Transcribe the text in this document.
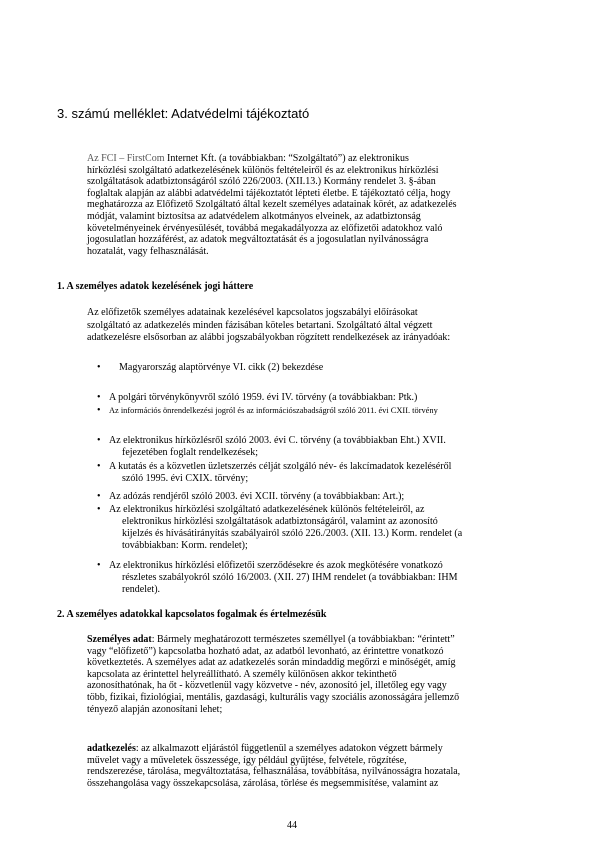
3. számú melléklet: Adatvédelmi tájékoztató
Az FCI – FirstCom Internet Kft. (a továbbiakban: “Szolgáltató”) az elektronikus
hírközlési szolgáltató adatkezelésének különös feltételeiről és az elektronikus hírközlési
szolgáltatások adatbiztonságáról szóló 226/2003. (XII.13.) Kormány rendelet 3. §-ában
foglaltak alapján az alábbi adatvédelmi tájékoztatót lépteti életbe. E tájékoztató célja, hogy
meghatározza az Előfizető Szolgáltató által kezelt személyes adatainak körét, az adatkezelés
módját, valamint biztosítsa az adatvédelem alkotmányos elveinek, az adatbiztonság
követelményeinek érvényesülését, továbbá megakadályozza az előfizetői adatokhoz való
jogosulatlan hozzáférést, az adatok megváltoztatását és a jogosulatlan nyilvánosságra
hozatalát, vagy felhasználását.
1. A személyes adatok kezelésének jogi háttere
Az előfizetők személyes adatainak kezelésével kapcsolatos jogszabályi előírásokat
szolgáltató az adatkezelés minden fázisában köteles betartani. Szolgáltató által végzett
adatkezelésre elsősorban az alábbi jogszabályokban rögzített rendelkezések az irányadóak:
•	Magyarország alaptörvénye VI. cikk (2) bekezdése
• A polgári törvénykönyvről szóló 1959. évi IV. törvény (a továbbiakban: Ptk.)
•	Az információs önrendelkezési jogról és az információszabadságról szóló 2011. évi CXII. törvény
• Az elektronikus hírközlésről szóló 2003. évi C. törvény (a továbbiakban Eht.) XVII.
fejezetében foglalt rendelkezések;
• A kutatás és a közvetlen üzletszerzés célját szolgáló név- és lakcímadatok kezeléséről
szóló 1995. évi CXIX. törvény;
• Az adózás rendjéről szóló 2003. évi XCII. törvény (a továbbiakban: Art.);
• Az elektronikus hírközlési szolgáltató adatkezelésének különös feltételeiről, az
elektronikus hírközlési szolgáltatások adatbiztonságáról, valamint az azonosító
kijelzés és hívásátirányítás szabályairól szóló 226./2003. (XII. 13.) Korm. rendelet (a
továbbiakban: Korm. rendelet);
• Az elektronikus hírközlési előfizetői szerződésekre és azok megkötésére vonatkozó
részletes szabályokról szóló 16/2003. (XII. 27) IHM rendelet (a továbbiakban: IHM
rendelet).
2. A személyes adatokkal kapcsolatos fogalmak és értelmezésük
Személyes adat: Bármely meghatározott természetes személlyel (a továbbiakban: “érintett”
vagy “előfizető”) kapcsolatba hozható adat, az adatból levonható, az érintettre vonatkozó
következtetés. A személyes adat az adatkezelés során mindaddig megőrzi e minőségét, amíg
kapcsolata az érintettel helyreállítható. A személy különösen akkor tekinthető
azonosíthatónak, ha őt - közvetlenül vagy közvetve - név, azonosító jel, illetőleg egy vagy
több, fizikai, fiziológiai, mentális, gazdasági, kulturális vagy szociális azonosságára jellemző
tényező alapján azonosítani lehet;
adatkezelés: az alkalmazott eljárástól függetlenül a személyes adatokon végzett bármely
művelet vagy a műveletek összessége, így például gyűjtése, felvétele, rögzítése,
rendszerezése, tárolása, megváltoztatása, felhasználása, továbbítása, nyilvánosságra hozatala,
összehangolása vagy összekapcsolása, zárolása, törlése és megsemmisítése, valamint az
44
